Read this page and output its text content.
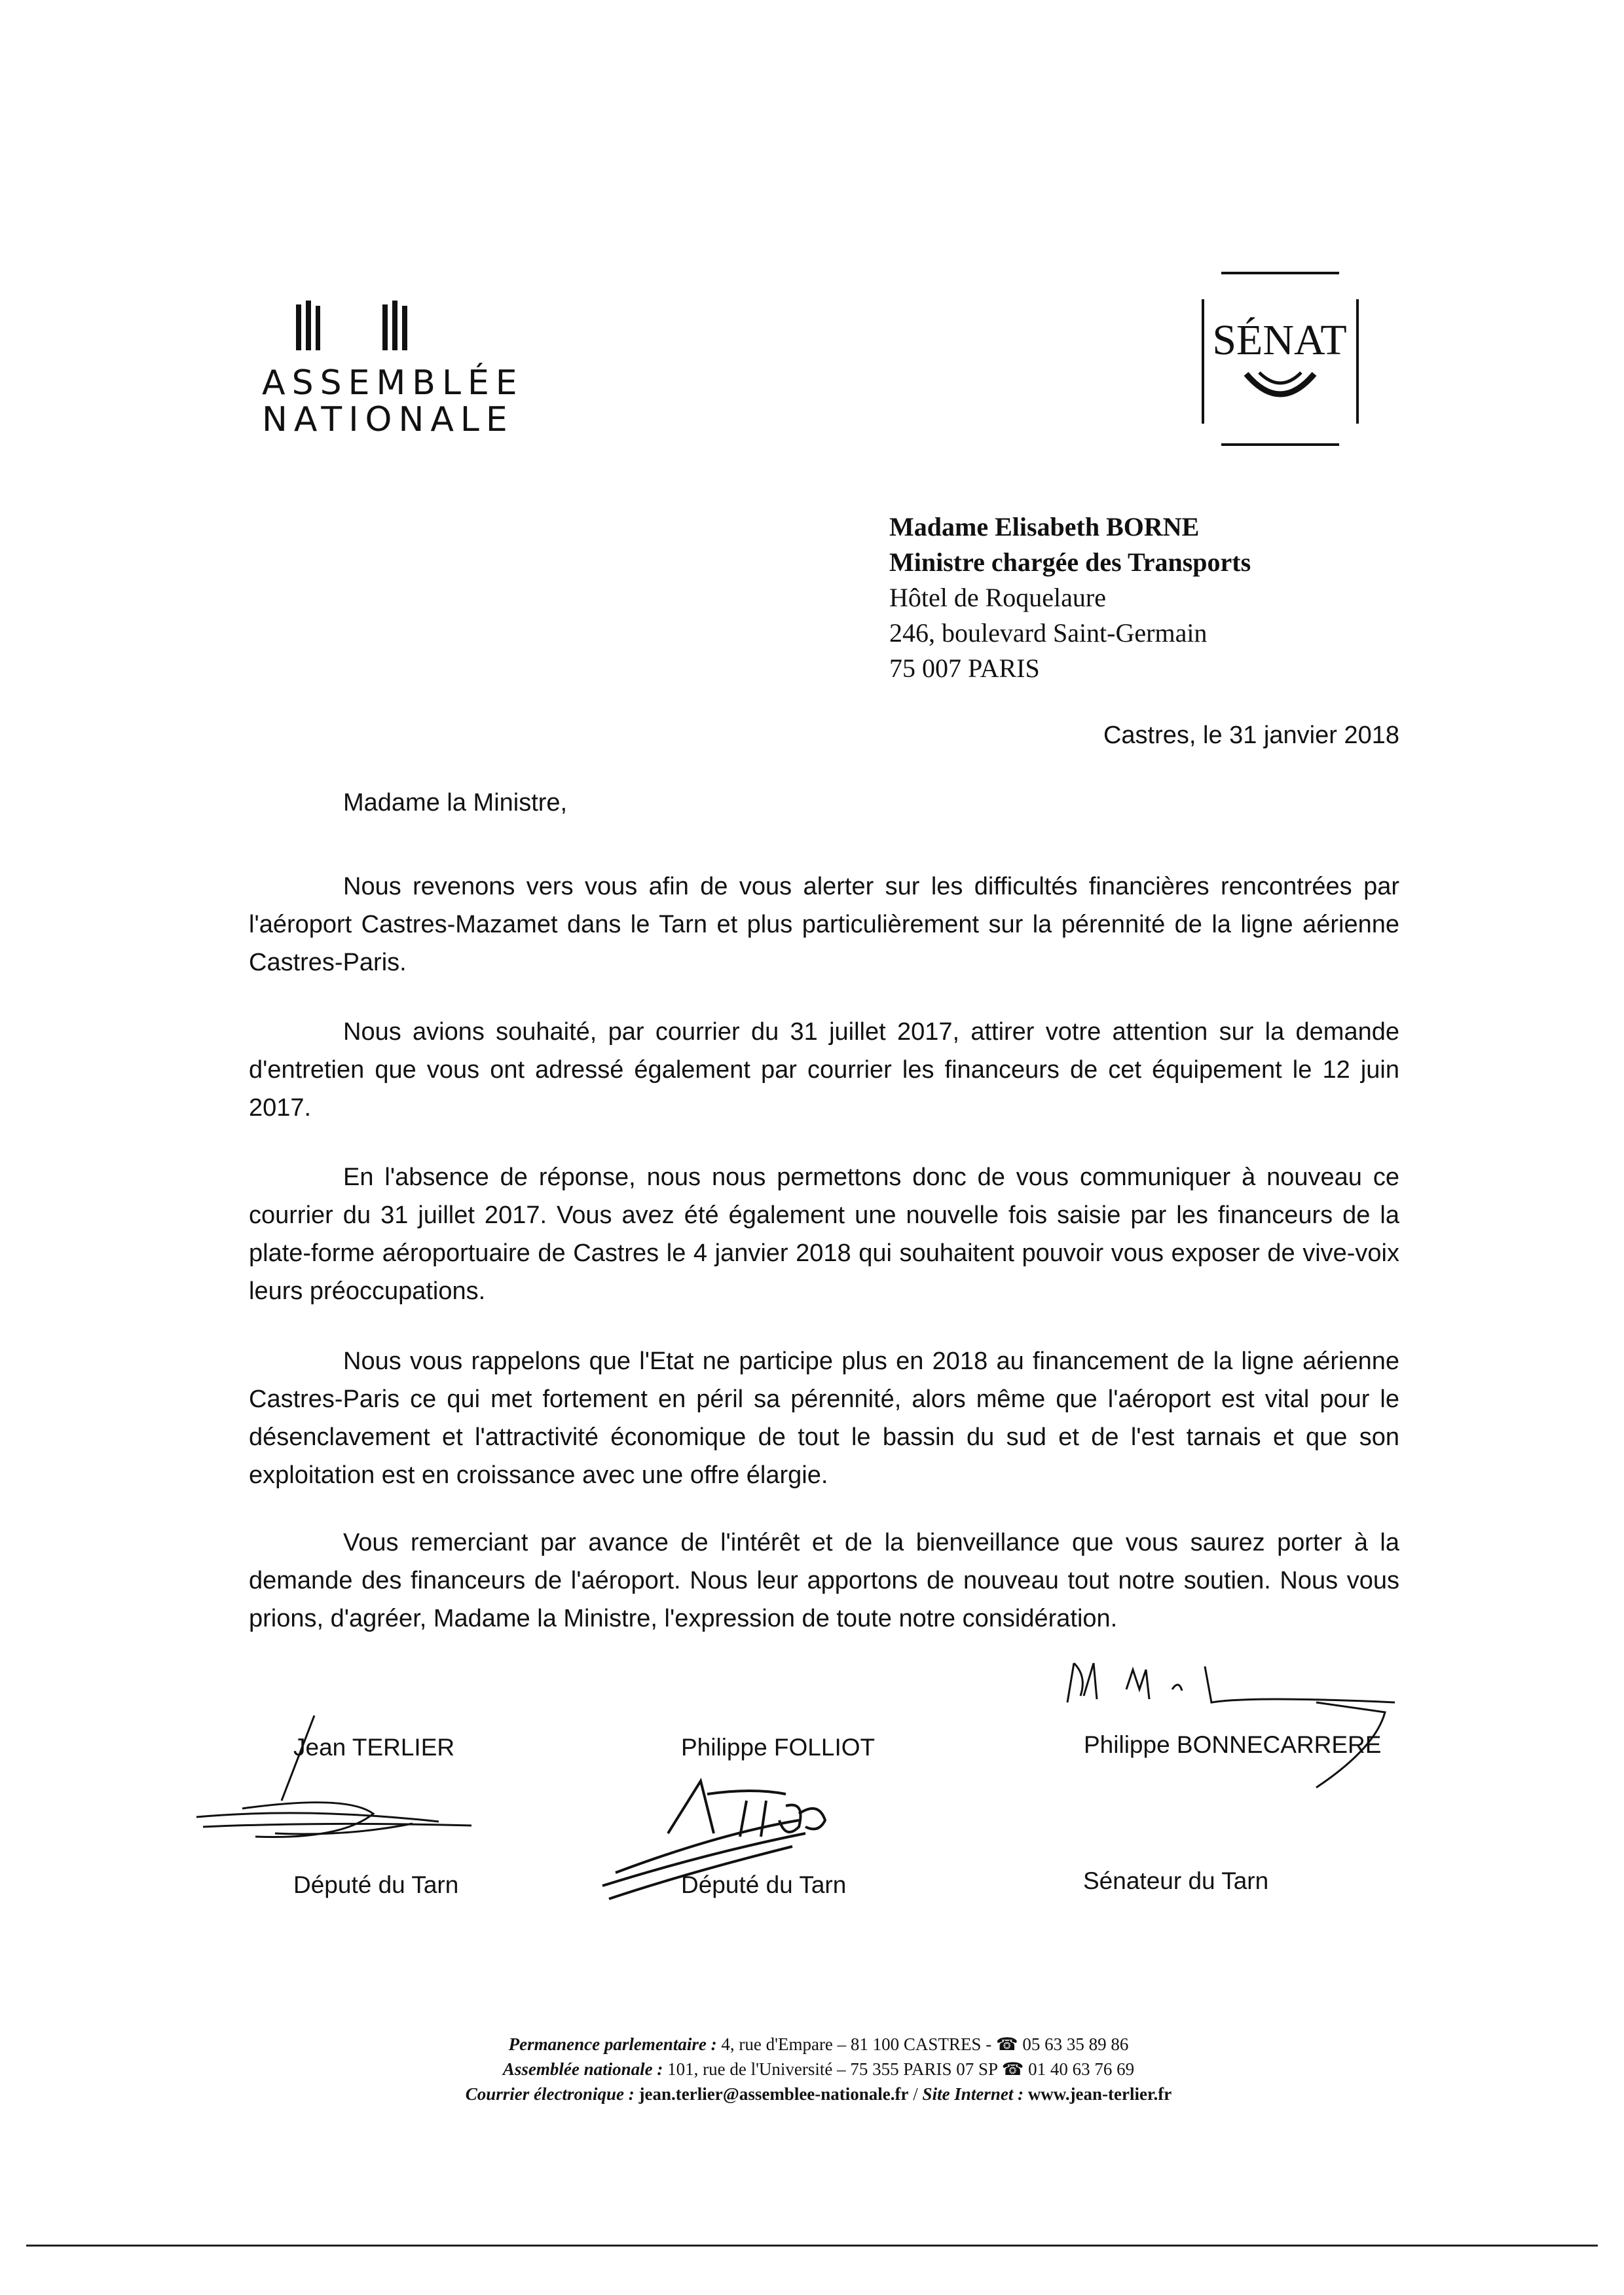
ASSEMBLÉE
NATIONALE
SÉNAT
Madame Elisabeth BORNE
Ministre chargée des Transports
Hôtel de Roquelaure
246, boulevard Saint-Germain
75 007 PARIS
Castres, le 31 janvier 2018
Madame la Ministre,

Nous revenons vers vous afin de vous alerter sur les difficultés financières rencontrées par l'aéroport Castres-Mazamet dans le Tarn et plus particulièrement sur la pérennité de la ligne aérienne Castres-Paris.

Nous avions souhaité, par courrier du 31 juillet 2017, attirer votre attention sur la demande d'entretien que vous ont adressé également par courrier les financeurs de cet équipement le 12 juin 2017.

En l'absence de réponse, nous nous permettons donc de vous communiquer à nouveau ce courrier du 31 juillet 2017. Vous avez été également une nouvelle fois saisie par les financeurs de la plate-forme aéroportuaire de Castres le 4 janvier 2018 qui souhaitent pouvoir vous exposer de vive-voix leurs préoccupations.

Nous vous rappelons que l'Etat ne participe plus en 2018 au financement de la ligne aérienne Castres-Paris ce qui met fortement en péril sa pérennité, alors même que l'aéroport est vital pour le désenclavement et l'attractivité économique de tout le bassin du sud et de l'est tarnais et que son exploitation est en croissance avec une offre élargie.

Vous remerciant par avance de l'intérêt et de la bienveillance que vous saurez porter à la demande des financeurs de l'aéroport. Nous leur apportons de nouveau tout notre soutien. Nous vous prions, d'agréer, Madame la Ministre, l'expression de toute notre considération.

Jean TERLIER	Philippe FOLLIOT	Philippe BONNECARRERE
Député du Tarn	Député du Tarn	Sénateur du Tarn
Permanence parlementaire : 4, rue d'Empare – 81 100 CASTRES - ☎ 05 63 35 89 86
Assemblée nationale : 101, rue de l'Université – 75 355 PARIS 07 SP ☎ 01 40 63 76 69
Courrier électronique : jean.terlier@assemblee-nationale.fr / Site Internet : www.jean-terlier.fr
